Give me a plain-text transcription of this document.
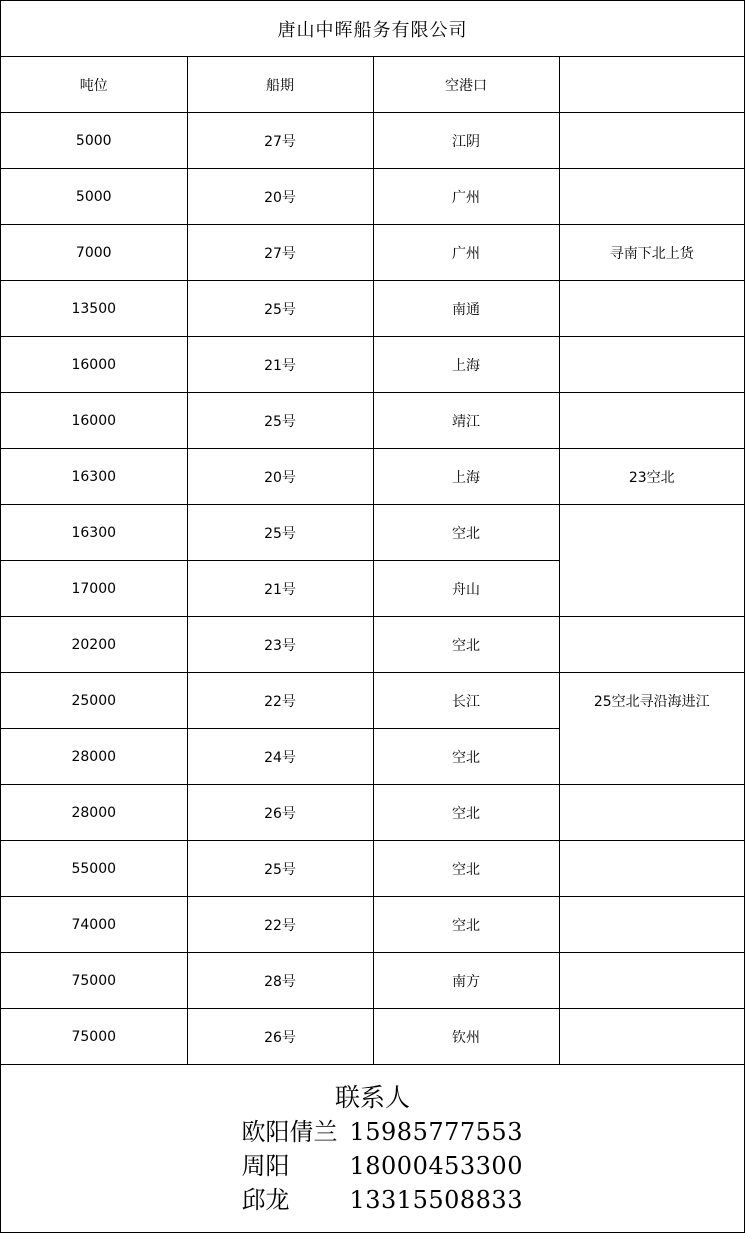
唐山中晖船务有限公司
吨位	船期	空港口	
5000	27号	江阴	
5000	20号	广州	
7000	27号	广州	寻南下北上货
13500	25号	南通	
16000	21号	上海	
16000	25号	靖江	
16300	20号	上海	23空北
16300	25号	空北	
17000	21号	舟山	
20200	23号	空北	
25000	22号	长江	25空北寻沿海进江
28000	24号	空北	
28000	26号	空北	
55000	25号	空北	
74000	22号	空北	
75000	28号	南方	
75000	26号	钦州	
联系人
欧阳倩兰 15985777553
周阳	18000453300
邱龙	13315508833
